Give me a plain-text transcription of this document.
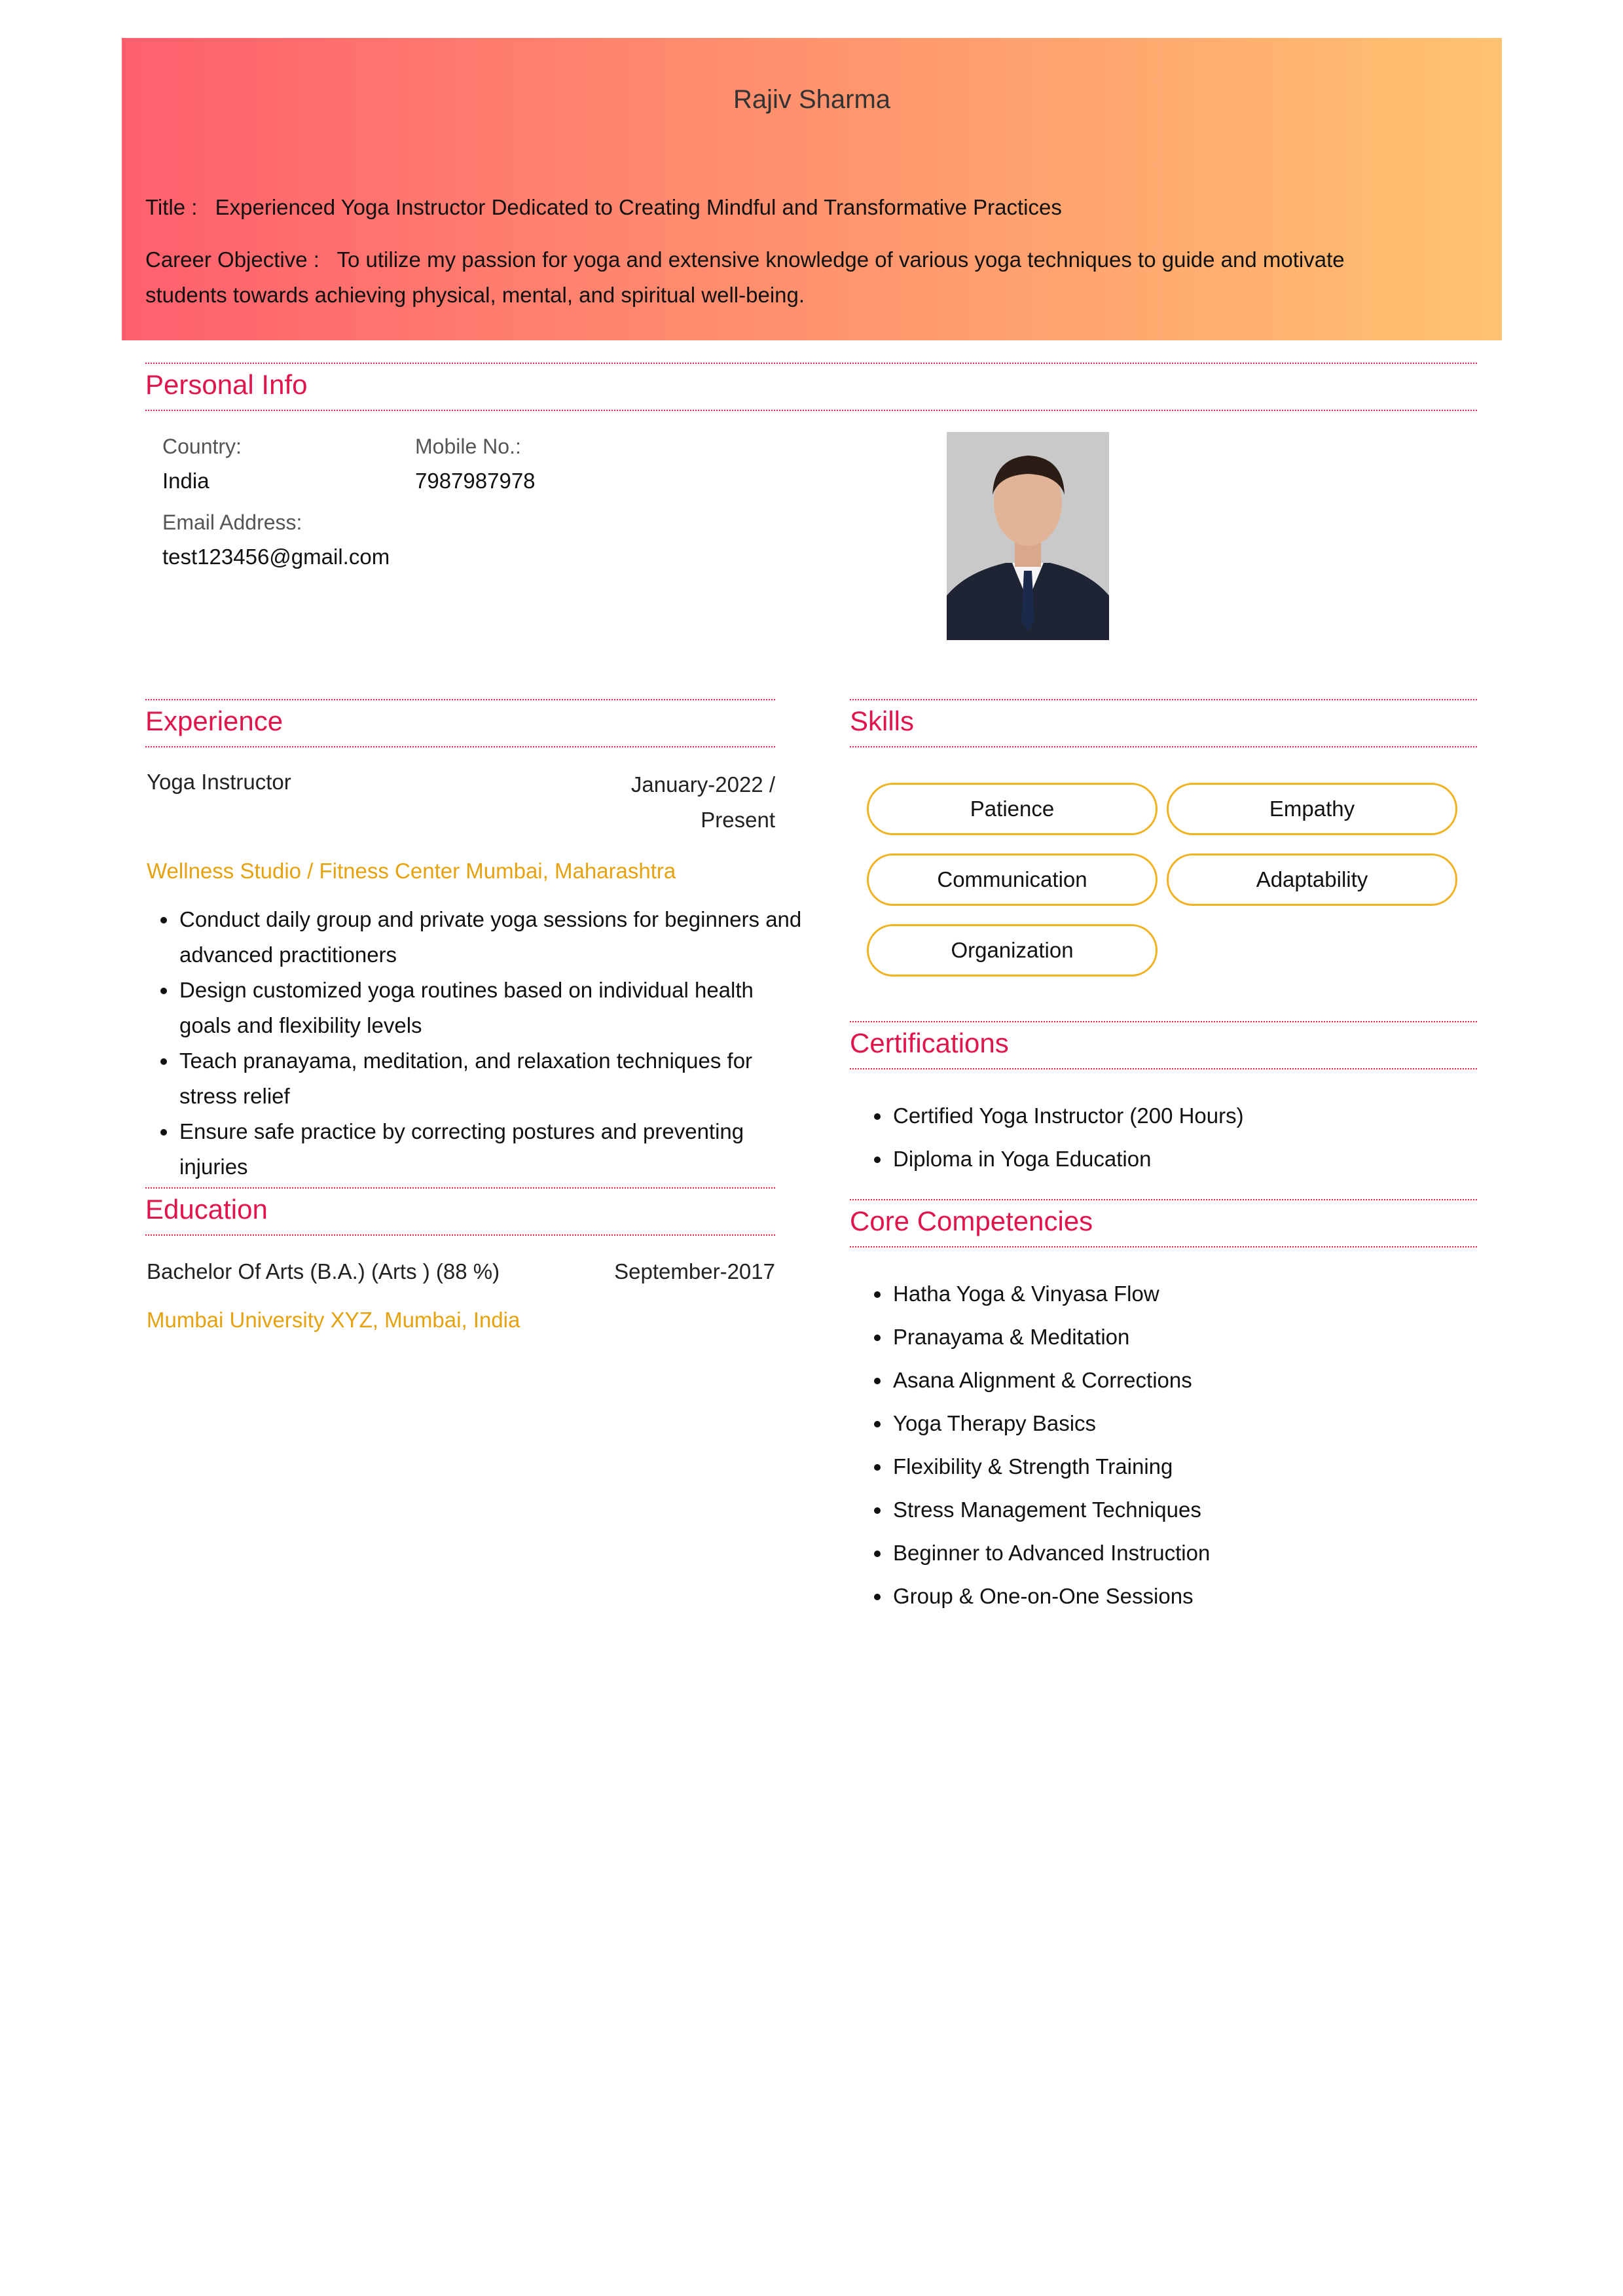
Rajiv Sharma
Title : Experienced Yoga Instructor Dedicated to Creating Mindful and Transformative Practices
Career Objective : To utilize my passion for yoga and extensive knowledge of various yoga techniques to guide and motivate students towards achieving physical, mental, and spiritual well-being.
Personal Info
Country:
India
Mobile No.:
7987987978
Email Address:
test123456@gmail.com
Experience
Yoga Instructor	January-2022 /
Present
Wellness Studio / Fitness Center Mumbai, Maharashtra
• Conduct daily group and private yoga sessions for beginners and advanced practitioners
• Design customized yoga routines based on individual health goals and flexibility levels
• Teach pranayama, meditation, and relaxation techniques for stress relief
• Ensure safe practice by correcting postures and preventing injuries
Education
Bachelor Of Arts (B.A.) (Arts ) (88 %)	September-2017
Mumbai University XYZ, Mumbai, India
Skills
Patience	Empathy
Communication	Adaptability
Organization
Certifications
• Certified Yoga Instructor (200 Hours)
• Diploma in Yoga Education
Core Competencies
• Hatha Yoga & Vinyasa Flow
• Pranayama & Meditation
• Asana Alignment & Corrections
• Yoga Therapy Basics
• Flexibility & Strength Training
• Stress Management Techniques
• Beginner to Advanced Instruction
• Group & One-on-One Sessions
